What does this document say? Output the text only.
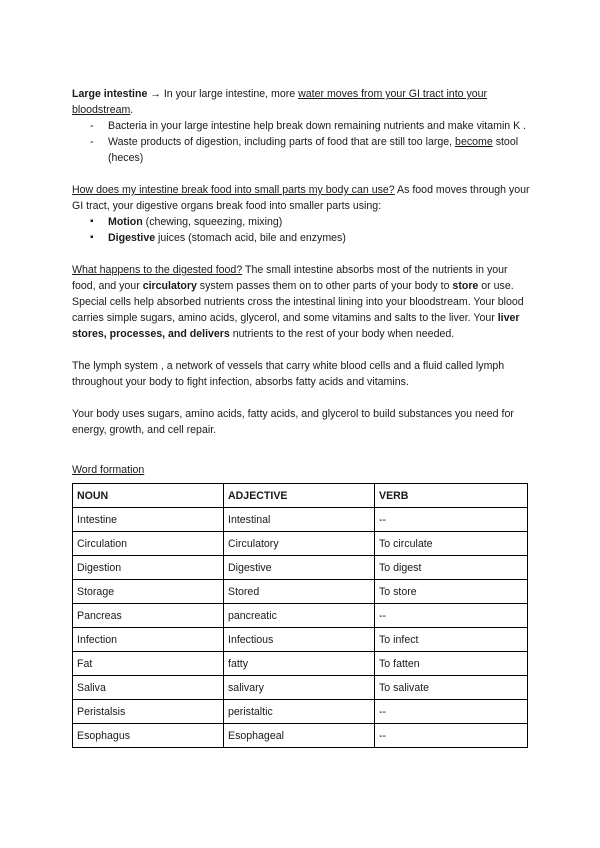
Large intestine → In your large intestine, more water moves from your GI tract into your bloodstream.

- Bacteria in your large intestine help break down remaining nutrients and make vitamin K .
- Waste products of digestion, including parts of food that are still too large, become stool (heces)

How does my intestine break food into small parts my body can use? As food moves through your GI tract, your digestive organs break food into smaller parts using:

▪ Motion (chewing, squeezing, mixing)
▪ Digestive juices (stomach acid, bile and enzymes)

What happens to the digested food? The small intestine absorbs most of the nutrients in your food, and your circulatory system passes them on to other parts of your body to store or use. Special cells help absorbed nutrients cross the intestinal lining into your bloodstream. Your blood carries simple sugars, amino acids, glycerol, and some vitamins and salts to the liver. Your liver stores, processes, and delivers nutrients to the rest of your body when needed.

The lymph system , a network of vessels that carry white blood cells and a fluid called lymph throughout your body to fight infection, absorbs fatty acids and vitamins.

Your body uses sugars, amino acids, fatty acids, and glycerol to build substances you need for energy, growth, and cell repair.

Word formation

NOUN	ADJECTIVE	VERB
Intestine	Intestinal	--
Circulation	Circulatory	To circulate
Digestion	Digestive	To digest
Storage	Stored	To store
Pancreas	pancreatic	--
Infection	Infectious	To infect
Fat	fatty	To fatten
Saliva	salivary	To salivate
Peristalsis	peristaltic	--
Esophagus	Esophageal	--
